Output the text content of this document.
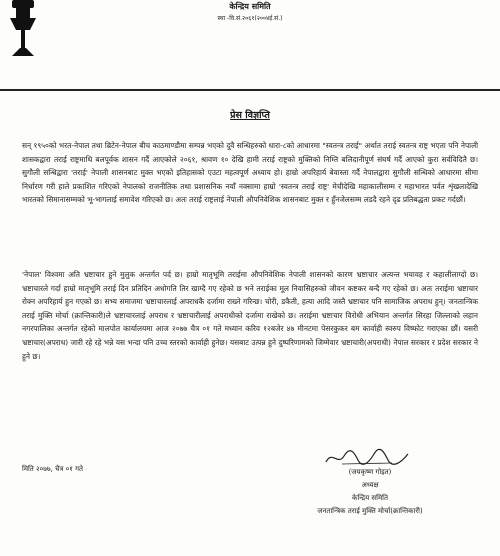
केन्द्रिय समिति
स्था -वि.सं.२०६१(२००४ई.सं.)
प्रेस विज्ञप्ति

सन् १९५०को भरत-नेपाल तथा ब्रिटेन-नेपाल बीच काठमाण्डौमा सम्पन्न भएको दुवै सन्धिहरुको धारा-८को आधारमा "स्वतन्त्र तराई" अर्थात तराई स्वतन्त्र राष्ट्र भएता पनि नेपाली शासकद्वारा तराई राष्ट्रमाथि बलपूर्वक शासन गर्दै आएकोले २०६१, श्रावण १० देखि हामी तराई राष्ट्रको मुक्तिको निम्ति बलिदानीपूर्ण संघर्ष गर्दै आएको कुरा सर्वविदितै छ। सुगौली सन्धिद्वारा 'तराई' नेपाली शासनबाट मुक्त भएको इतिहासको एउटा महत्वपूर्ण अध्याय हो। हाम्रो अपरिहार्य बेवास्ता गर्दै नेपालद्वारा सुगौली सन्धिको आधारमा सीमा निर्धारण गरी हाले प्रकाशित गरिएको नेपालको राजनीतिक तथा प्रशासनिक नयाँ नक्सामा हाम्रो 'स्वतन्त्र तराई राष्ट्र' मेचीदेखि महाकालीसम्म र महाभारत पर्वत शृंखलादेखि भारतको सिमानासम्मको भू-भागलाई समावेश गरिएको छ। अतः तराई राष्ट्रलाई नेपाली औपनिवेशिक शासनबाट मुक्त र हुँनजेलसम्म लडदै रहने दृढ प्रतिबद्धता प्रकट गर्दछौं।

'नेपाल' विश्वमा अति भ्रष्टाचार हुने मुलुक अन्तर्गत पर्द छ। हाम्रो मातृभूमि तराईमा औपनिवेशिक नेपाली शासनको कारण भ्रष्टाचार अत्यन्त भयावह र कहालीलाग्दो छ। भ्रष्टाचारले गर्दा हाम्रो मातृभूमि तराई दिन प्रतिदिन अधोगति तिर खाम्दै गए रहेको छ भने तराईका मूल निवासिहरुको जीवन कष्टकर बन्दै गए रहेको छ। अतः तराईमा भ्रष्टाचार रोक्न अपरिहार्य हुन गएको छ। सभ्य समाजमा भ्रष्टाचारलाई अपराधकै दर्जामा राख्ने गरिन्छ। चोरी, डकैती, हत्या आदि जस्तै भ्रष्टाचार पनि सामाजिक अपराध हुन्। जनतान्त्रिक तराई मुक्ति मोर्चा (क्रान्तिकारी)ले भ्रष्टाचारलाई अपराध र भ्रष्टाचारीलाई अपराधीको दर्जामा राखेको छ। तराईमा भ्रष्टाचार विरोधी अभियान अन्तर्गत सिरहा जिल्लाको लहान नगरपालिका अन्तर्गत रहेको मालपोत कार्यालयमा आज २०७७ चैत्र ०१ गते मध्यान करिव १२बजेर ४७ मीनटमा पेसरकुकर बम कार्वाही स्वरुप विष्फोट गराएका छौं। यसरी भ्रष्टाचार(अपराध) जारी रहे रहे भन्ने यस भन्दा पनि उच्च स्तरको कार्वाही हुनेछ। यसबाट उत्पन्न हुने दुष्परिणामको जिम्मेवार भ्रष्टाचारी(अपराधी) नेपाल सरकार र प्रदेश सरकार ने हुने छ।

मिति २०७७, चैत्र ०१ गते	(जयकृष्ण गोइत)
अध्यक्ष
केन्द्रिय समिति
जनतान्त्रिक तराई मुक्ति मोर्चा(क्रान्तिकारी)
